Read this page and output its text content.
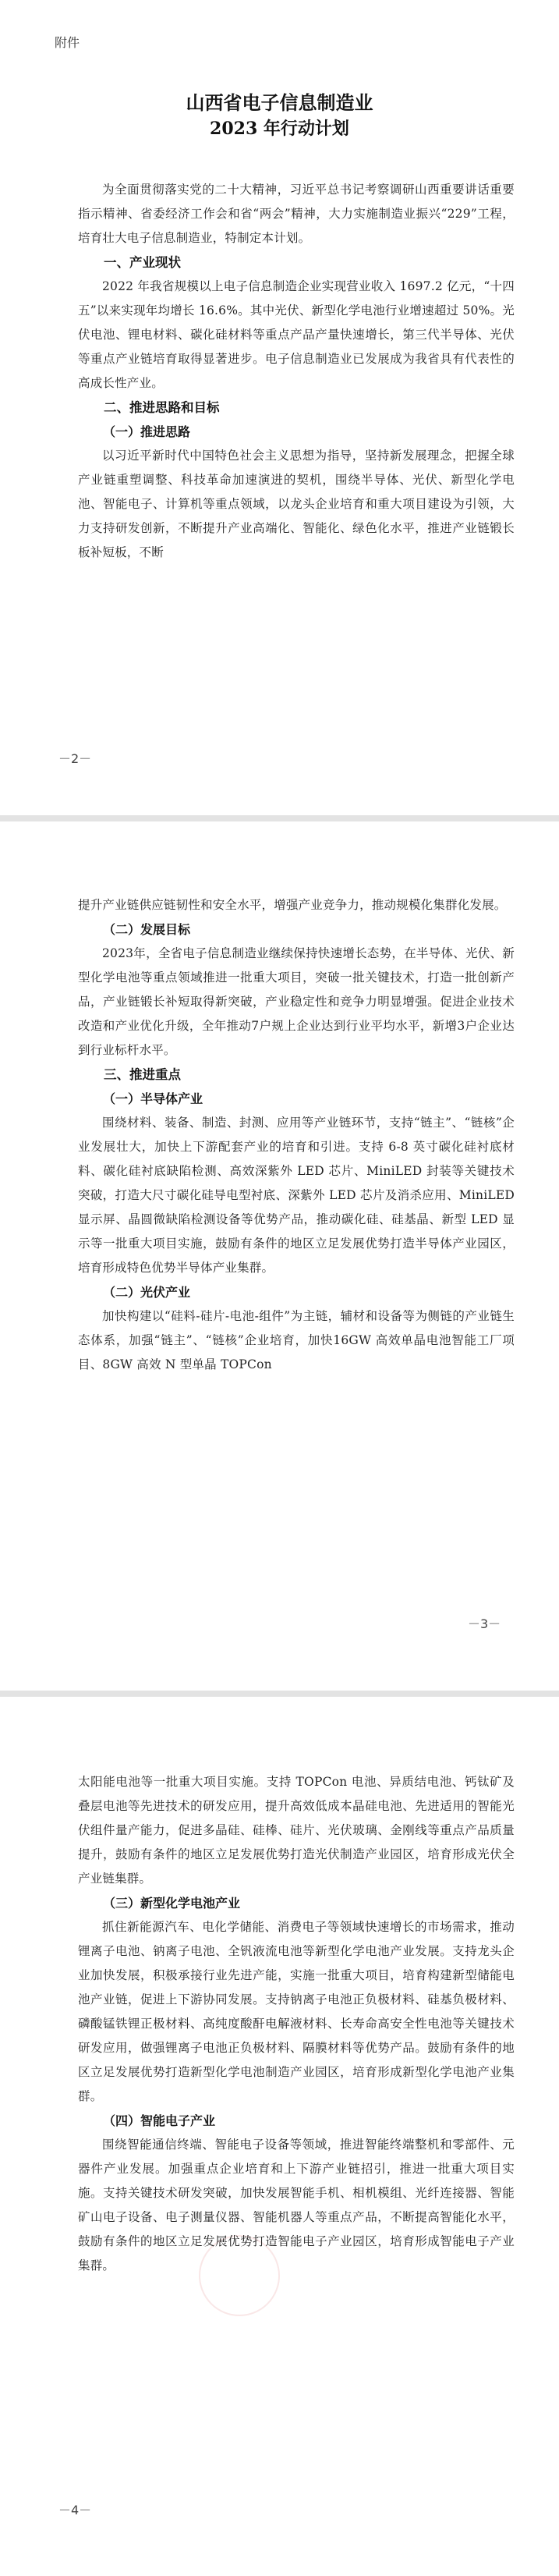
附件
山西省电子信息制造业
2023 年行动计划

为全面贯彻落实党的二十大精神，习近平总书记考察调研山西重要讲话重要指示精神、省委经济工作会和省“两会”精神，大力实施制造业振兴“229”工程，培育壮大电子信息制造业，特制定本计划。

一、产业现状

2022 年我省规模以上电子信息制造企业实现营业收入 1697.2 亿元，“十四五”以来实现年均增长 16.6%。其中光伏、新型化学电池行业增速超过 50%。光伏电池、锂电材料、碳化硅材料等重点产品产量快速增长，第三代半导体、光伏等重点产业链培育取得显著进步。电子信息制造业已发展成为我省具有代表性的高成长性产业。

二、推进思路和目标

（一）推进思路

以习近平新时代中国特色社会主义思想为指导，坚持新发展理念，把握全球产业链重塑调整、科技革命加速演进的契机，围绕半导体、光伏、新型化学电池、智能电子、计算机等重点领域，以龙头企业培育和重大项目建设为引领，大力支持研发创新，不断提升产业高端化、智能化、绿色化水平，推进产业链锻长板补短板，不断

－2－

提升产业链供应链韧性和安全水平，增强产业竞争力，推动规模化集群化发展。

（二）发展目标

2023年，全省电子信息制造业继续保持快速增长态势，在半导体、光伏、新型化学电池等重点领域推进一批重大项目，突破一批关键技术，打造一批创新产品，产业链锻长补短取得新突破，产业稳定性和竞争力明显增强。促进企业技术改造和产业优化升级，全年推动7户规上企业达到行业平均水平，新增3户企业达到行业标杆水平。

三、推进重点

（一）半导体产业

围绕材料、装备、制造、封测、应用等产业链环节，支持“链主”、“链核”企业发展壮大，加快上下游配套产业的培育和引进。支持 6-8 英寸碳化硅衬底材料、碳化硅衬底缺陷检测、高效深紫外 LED 芯片、MiniLED 封装等关键技术突破，打造大尺寸碳化硅导电型衬底、深紫外 LED 芯片及消杀应用、MiniLED 显示屏、晶圆微缺陷检测设备等优势产品，推动碳化硅、硅基晶、新型 LED 显示等一批重大项目实施，鼓励有条件的地区立足发展优势打造半导体产业园区，培育形成特色优势半导体产业集群。

（二）光伏产业

加快构建以“硅料-硅片-电池-组件”为主链，辅材和设备等为侧链的产业链生态体系，加强“链主”、“链核”企业培育，加快16GW 高效单晶电池智能工厂项目、8GW 高效 N 型单晶 TOPCon

－3－

太阳能电池等一批重大项目实施。支持 TOPCon 电池、异质结电池、钙钛矿及叠层电池等先进技术的研发应用，提升高效低成本晶硅电池、先进适用的智能光伏组件量产能力，促进多晶硅、硅棒、硅片、光伏玻璃、金刚线等重点产品质量提升，鼓励有条件的地区立足发展优势打造光伏制造产业园区，培育形成光伏全产业链集群。

（三）新型化学电池产业

抓住新能源汽车、电化学储能、消费电子等领域快速增长的市场需求，推动锂离子电池、钠离子电池、全钒液流电池等新型化学电池产业发展。支持龙头企业加快发展，积极承接行业先进产能，实施一批重大项目，培育构建新型储能电池产业链，促进上下游协同发展。支持钠离子电池正负极材料、硅基负极材料、磷酸锰铁锂正极材料、高纯度酸酐电解液材料、长寿命高安全性电池等关键技术研发应用，做强锂离子电池正负极材料、隔膜材料等优势产品。鼓励有条件的地区立足发展优势打造新型化学电池制造产业园区，培育形成新型化学电池产业集群。

（四）智能电子产业

围绕智能通信终端、智能电子设备等领域，推进智能终端整机和零部件、元器件产业发展。加强重点企业培育和上下游产业链招引，推进一批重大项目实施。支持关键技术研发突破，加快发展智能手机、相机模组、光纤连接器、智能矿山电子设备、电子测量仪器、智能机器人等重点产品，不断提高智能化水平，鼓励有条件的地区立足发展优势打造智能电子产业园区，培育形成智能电子产业集群。

－4－
